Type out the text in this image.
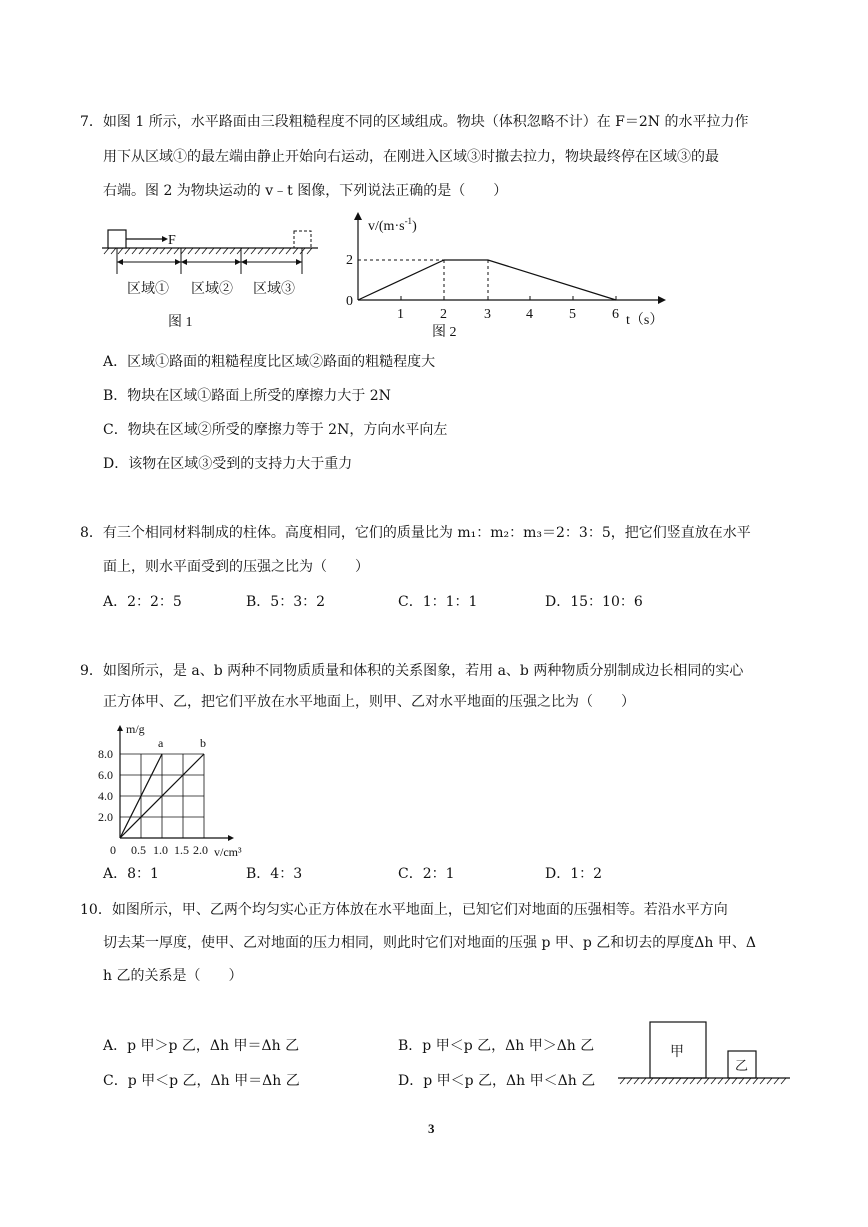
7．如图 1 所示，水平路面由三段粗糙程度不同的区域组成。物块（体积忽略不计）在 F＝2N 的水平拉力作
用下从区域①的最左端由静止开始向右运动，在刚进入区域③时撤去拉力，物块最终停在区域③的最
右端。图 2 为物块运动的 v﹣t 图像，下列说法正确的是（　　）
F
区域① 区域② 区域③
图 1
$v/(m\cdot s^{-1})$
0
2
1	2	3	4	5	6 t（s）
图 2
A．区域①路面的粗糙程度比区域②路面的粗糙程度大
B．物块在区域①路面上所受的摩擦力大于 2N
C．物块在区域②所受的摩擦力等于 2N，方向水平向左
D．该物在区域③受到的支持力大于重力
8．有三个相同材料制成的柱体。高度相同，它们的质量比为 m₁：m₂：m₃＝2：3：5，把它们竖直放在水平
面上，则水平面受到的压强之比为（　　）
A．2：2：5	B．5：3：2	C．1：1：1	D．15：10：6
9．如图所示，是 a、b 两种不同物质质量和体积的关系图象，若用 a、b 两种物质分别制成边长相同的实心
正方体甲、乙，把它们平放在水平地面上，则甲、乙对水平地面的压强之比为（　　）
a	b
m/g
8.0
6.0
4.0
2.0
0 0.5 1.0 1.5 2.0 v/cm³
A．8：1	B．4：3	C．2：1	D．1：2
10．如图所示，甲、乙两个均匀实心正方体放在水平地面上，已知它们对地面的压强相等。若沿水平方向
切去某一厚度，使甲、乙对地面的压力相同，则此时它们对地面的压强 p 甲、p 乙和切去的厚度Δh 甲、Δ
h 乙的关系是（　　）
A．p 甲＞p 乙，Δh 甲＝Δh 乙	B．p 甲＜p 乙，Δh 甲＞Δh 乙
C．p 甲＜p 乙，Δh 甲＝Δh 乙	D．p 甲＜p 乙，Δh 甲＜Δh 乙
甲
乙
3
